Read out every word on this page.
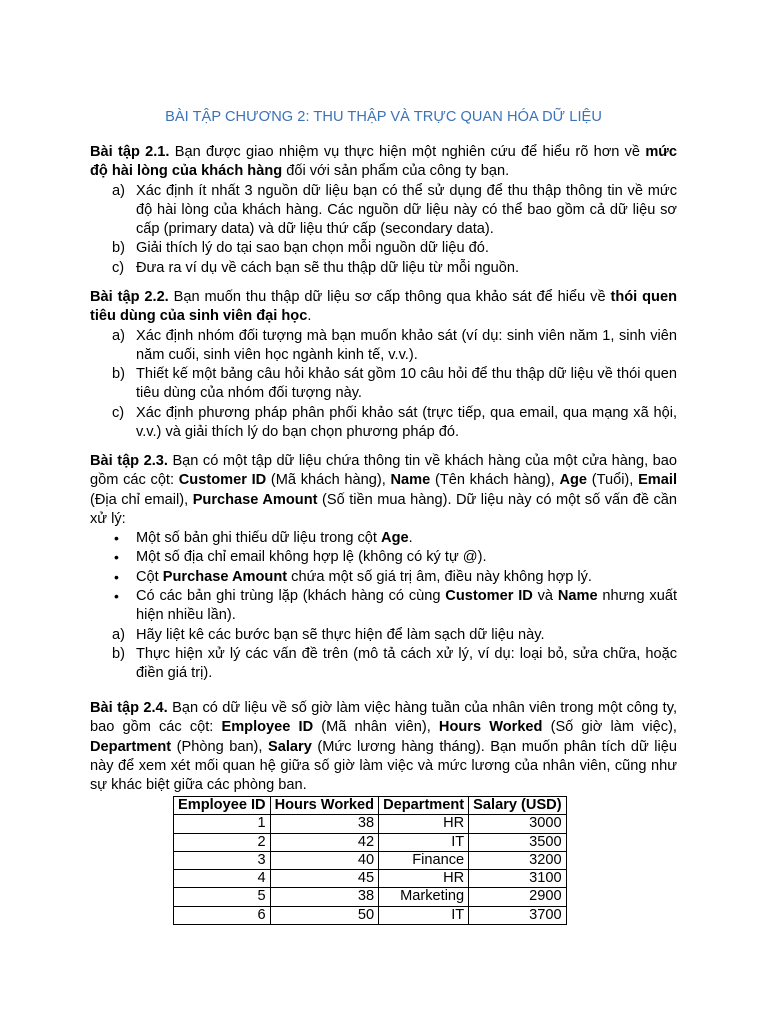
BÀI TẬP CHƯƠNG 2: THU THẬP VÀ TRỰC QUAN HÓA DỮ LIỆU

Bài tập 2.1. Bạn được giao nhiệm vụ thực hiện một nghiên cứu để hiểu rõ hơn về mức độ hài lòng của khách hàng đối với sản phẩm của công ty bạn.

a) Xác định ít nhất 3 nguồn dữ liệu bạn có thể sử dụng để thu thập thông tin về mức độ hài lòng của khách hàng. Các nguồn dữ liệu này có thể bao gồm cả dữ liệu sơ cấp (primary data) và dữ liệu thứ cấp (secondary data).
b) Giải thích lý do tại sao bạn chọn mỗi nguồn dữ liệu đó.
c) Đưa ra ví dụ về cách bạn sẽ thu thập dữ liệu từ mỗi nguồn.

Bài tập 2.2. Bạn muốn thu thập dữ liệu sơ cấp thông qua khảo sát để hiểu về thói quen tiêu dùng của sinh viên đại học.

a) Xác định nhóm đối tượng mà bạn muốn khảo sát (ví dụ: sinh viên năm 1, sinh viên năm cuối, sinh viên học ngành kinh tế, v.v.).
b) Thiết kế một bảng câu hỏi khảo sát gồm 10 câu hỏi để thu thập dữ liệu về thói quen tiêu dùng của nhóm đối tượng này.
c) Xác định phương pháp phân phối khảo sát (trực tiếp, qua email, qua mạng xã hội, v.v.) và giải thích lý do bạn chọn phương pháp đó.

Bài tập 2.3. Bạn có một tập dữ liệu chứa thông tin về khách hàng của một cửa hàng, bao gồm các cột: Customer ID (Mã khách hàng), Name (Tên khách hàng), Age (Tuổi), Email (Địa chỉ email), Purchase Amount (Số tiền mua hàng). Dữ liệu này có một số vấn đề cần xử lý:

• Một số bản ghi thiếu dữ liệu trong cột Age.
• Một số địa chỉ email không hợp lệ (không có ký tự @).
• Cột Purchase Amount chứa một số giá trị âm, điều này không hợp lý.
• Có các bản ghi trùng lặp (khách hàng có cùng Customer ID và Name nhưng xuất hiện nhiều lần).
a) Hãy liệt kê các bước bạn sẽ thực hiện để làm sạch dữ liệu này.
b) Thực hiện xử lý các vấn đề trên (mô tả cách xử lý, ví dụ: loại bỏ, sửa chữa, hoặc điền giá trị).

Bài tập 2.4. Bạn có dữ liệu về số giờ làm việc hàng tuần của nhân viên trong một công ty, bao gồm các cột: Employee ID (Mã nhân viên), Hours Worked (Số giờ làm việc), Department (Phòng ban), Salary (Mức lương hàng tháng). Bạn muốn phân tích dữ liệu này để xem xét mối quan hệ giữa số giờ làm việc và mức lương của nhân viên, cũng như sự khác biệt giữa các phòng ban.

Employee ID	Hours Worked	Department	Salary (USD)
1	38	HR	3000
2	42	IT	3500
3	40	Finance	3200
4	45	HR	3100
5	38	Marketing	2900
6	50	IT	3700
